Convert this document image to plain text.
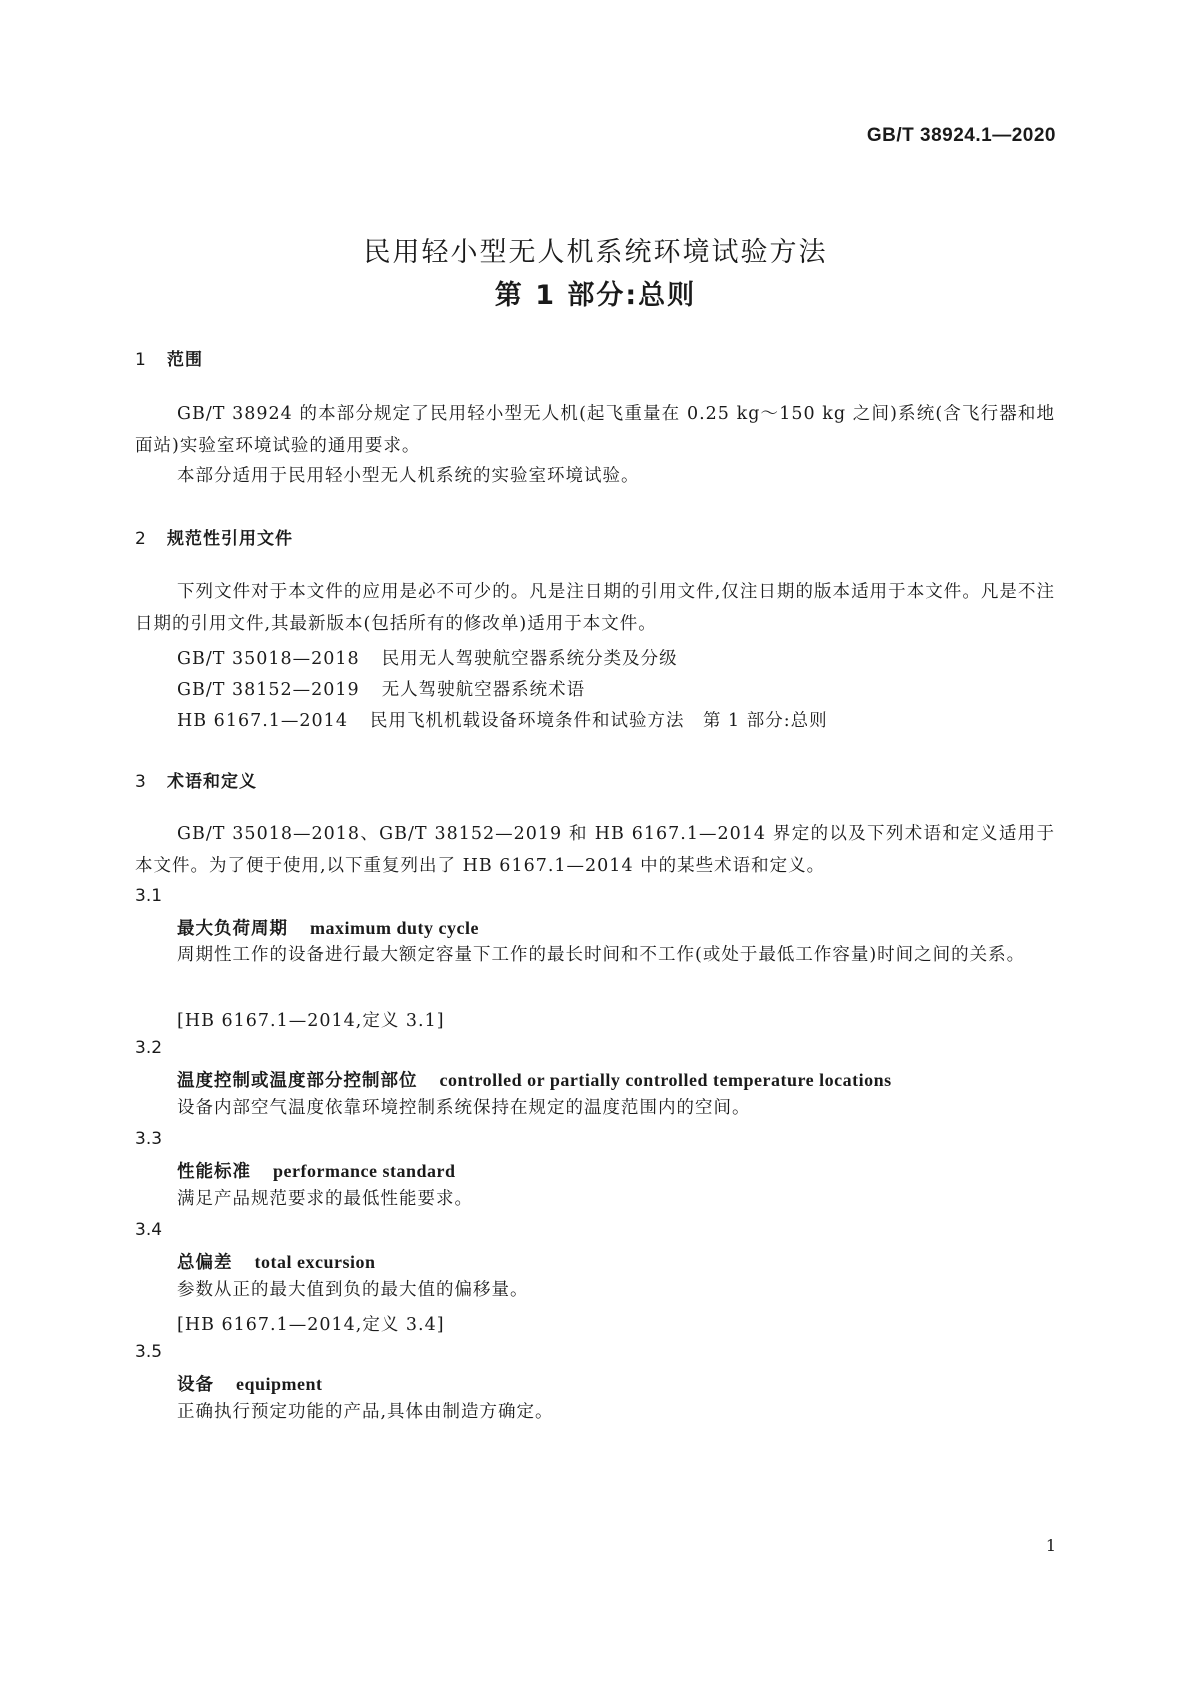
GB/T 38924.1—2020
民用轻小型无人机系统环境试验方法
第 1 部分:总则
1 范围
GB/T 38924 的本部分规定了民用轻小型无人机(起飞重量在 0.25 kg～150 kg 之间)系统(含飞行器和地面站)实验室环境试验的通用要求。
本部分适用于民用轻小型无人机系统的实验室环境试验。
2 规范性引用文件
下列文件对于本文件的应用是必不可少的。凡是注日期的引用文件,仅注日期的版本适用于本文件。凡是不注日期的引用文件,其最新版本(包括所有的修改单)适用于本文件。
GB/T 35018—2018 民用无人驾驶航空器系统分类及分级
GB/T 38152—2019 无人驾驶航空器系统术语
HB 6167.1—2014 民用飞机机载设备环境条件和试验方法　第 1 部分:总则
3 术语和定义
GB/T 35018—2018、GB/T 38152—2019 和 HB 6167.1—2014 界定的以及下列术语和定义适用于本文件。为了便于使用,以下重复列出了 HB 6167.1—2014 中的某些术语和定义。
3.1
最大负荷周期 maximum duty cycle
周期性工作的设备进行最大额定容量下工作的最长时间和不工作(或处于最低工作容量)时间之间的关系。
[HB 6167.1—2014,定义 3.1]
3.2
温度控制或温度部分控制部位 controlled or partially controlled temperature locations
设备内部空气温度依靠环境控制系统保持在规定的温度范围内的空间。
3.3
性能标准 performance standard
满足产品规范要求的最低性能要求。
3.4
总偏差 total excursion
参数从正的最大值到负的最大值的偏移量。
[HB 6167.1—2014,定义 3.4]
3.5
设备 equipment
正确执行预定功能的产品,具体由制造方确定。
1
